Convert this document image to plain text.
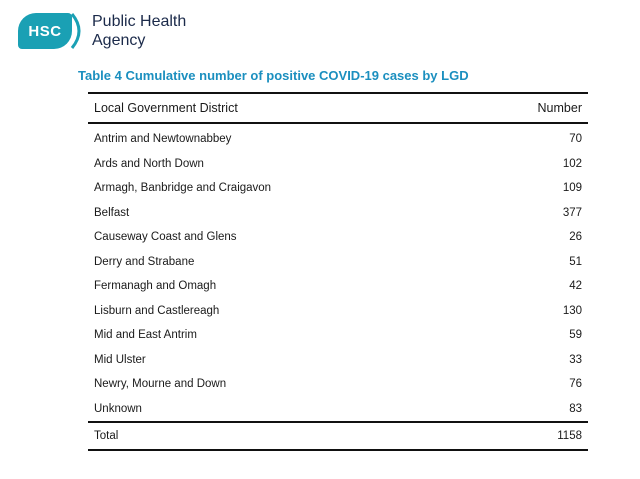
HSC
Public Health
Agency
Table 4 Cumulative number of positive COVID-19 cases by LGD
Local Government District	Number
Antrim and Newtownabbey	70
Ards and North Down	102
Armagh, Banbridge and Craigavon	109
Belfast	377
Causeway Coast and Glens	26
Derry and Strabane	51
Fermanagh and Omagh	42
Lisburn and Castlereagh	130
Mid and East Antrim	59
Mid Ulster	33
Newry, Mourne and Down	76
Unknown	83
Total	1158
